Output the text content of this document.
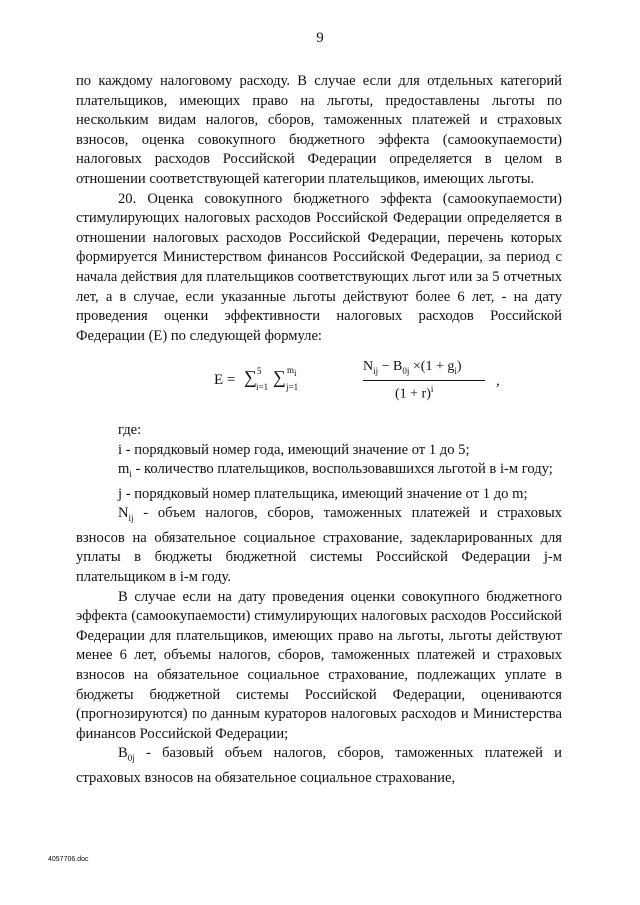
9

по каждому налоговому расходу. В случае если для отдельных категорий плательщиков, имеющих право на льготы, предоставлены льготы по нескольким видам налогов, сборов, таможенных платежей и страховых взносов, оценка совокупного бюджетного эффекта (самоокупаемости) налоговых расходов Российской Федерации определяется в целом в отношении соответствующей категории плательщиков, имеющих льготы.

20. Оценка совокупного бюджетного эффекта (самоокупаемости) стимулирующих налоговых расходов Российской Федерации определяется в отношении налоговых расходов Российской Федерации, перечень которых формируется Министерством финансов Российской Федерации, за период с начала действия для плательщиков соответствующих льгот или за 5 отчетных лет, а в случае, если указанные льготы действуют более 6 лет, - на дату проведения оценки эффективности налоговых расходов Российской Федерации (Е) по следующей формуле:

E = ∑ 5
i=1 ∑ $m_i$
j=1
$N_{ij} - B_{0j} \times(1 + g_i)$
$(1 + r)^i$	,

где:

i - порядковый номер года, имеющий значение от 1 до 5;

$m_i$ - количество плательщиков, воспользовавшихся льготой в i-м году;

j - порядковый номер плательщика, имеющий значение от 1 до m;

$N_{ij}$ - объем налогов, сборов, таможенных платежей и страховых взносов на обязательное социальное страхование, задекларированных для уплаты в бюджеты бюджетной системы Российской Федерации j-м плательщиком в i-м году.

В случае если на дату проведения оценки совокупного бюджетного эффекта (самоокупаемости) стимулирующих налоговых расходов Российской Федерации для плательщиков, имеющих право на льготы, льготы действуют менее 6 лет, объемы налогов, сборов, таможенных платежей и страховых взносов на обязательное социальное страхование, подлежащих уплате в бюджеты бюджетной системы Российской Федерации, оцениваются (прогнозируются) по данным кураторов налоговых расходов и Министерства финансов Российской Федерации;

$B_{0j}$ - базовый объем налогов, сборов, таможенных платежей и страховых взносов на обязательное социальное страхование,

4057706.doc
